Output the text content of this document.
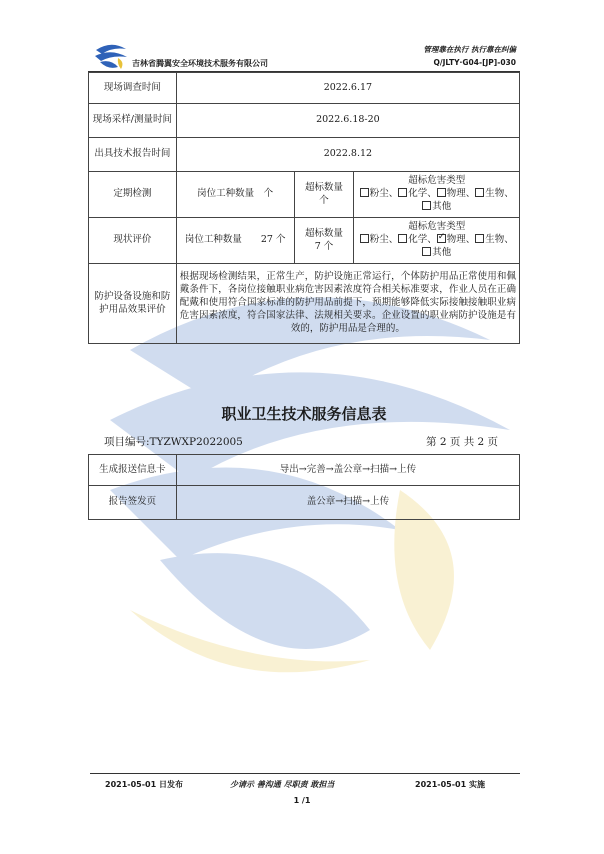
吉林省腾翼安全环境技术服务有限公司
管理靠在执行 执行靠在纠偏
Q/JLTY·G04-[JP]-030
现场调查时间	2022.6.17		
现场采样/测量时间	2022.6.18-20		
出具技术报告时间	2022.8.12		
定期检测	岗位工种数量　个	超标数量　　个	超标危害类型
粉尘、 化学、 物理、 生物、其他

现状评价	岗位工种数量　　27 个	超标数量　　7 个	超标危害类型
粉尘、 化学、 ✓ 物理、 生物、其他

防护设备设施和防护用品效果评价	根据现场检测结果，正常生产，防护设施正常运行，个体防护用品正常使用和佩戴条件下，各岗位接触职业病危害因素浓度符合相关标准要求，作业人员在正确配戴和使用符合国家标准的防护用品前提下，预期能够降低实际接触接触职业病危害因素浓度，符合国家法律、法规相关要求。企业设置的职业病防护设施是有效的，防护用品是合理的。		
职业卫生技术服务信息表
项目编号:TYZWXP2022005	第 2 页 共 2 页
生成报送信息卡	导出→完善→盖公章→扫描→上传
报告签发页	盖公章→扫描→上传
2021-05-01 日发布	少请示 善沟通 尽职责 敢担当	2021-05-01 实施
1 /1
